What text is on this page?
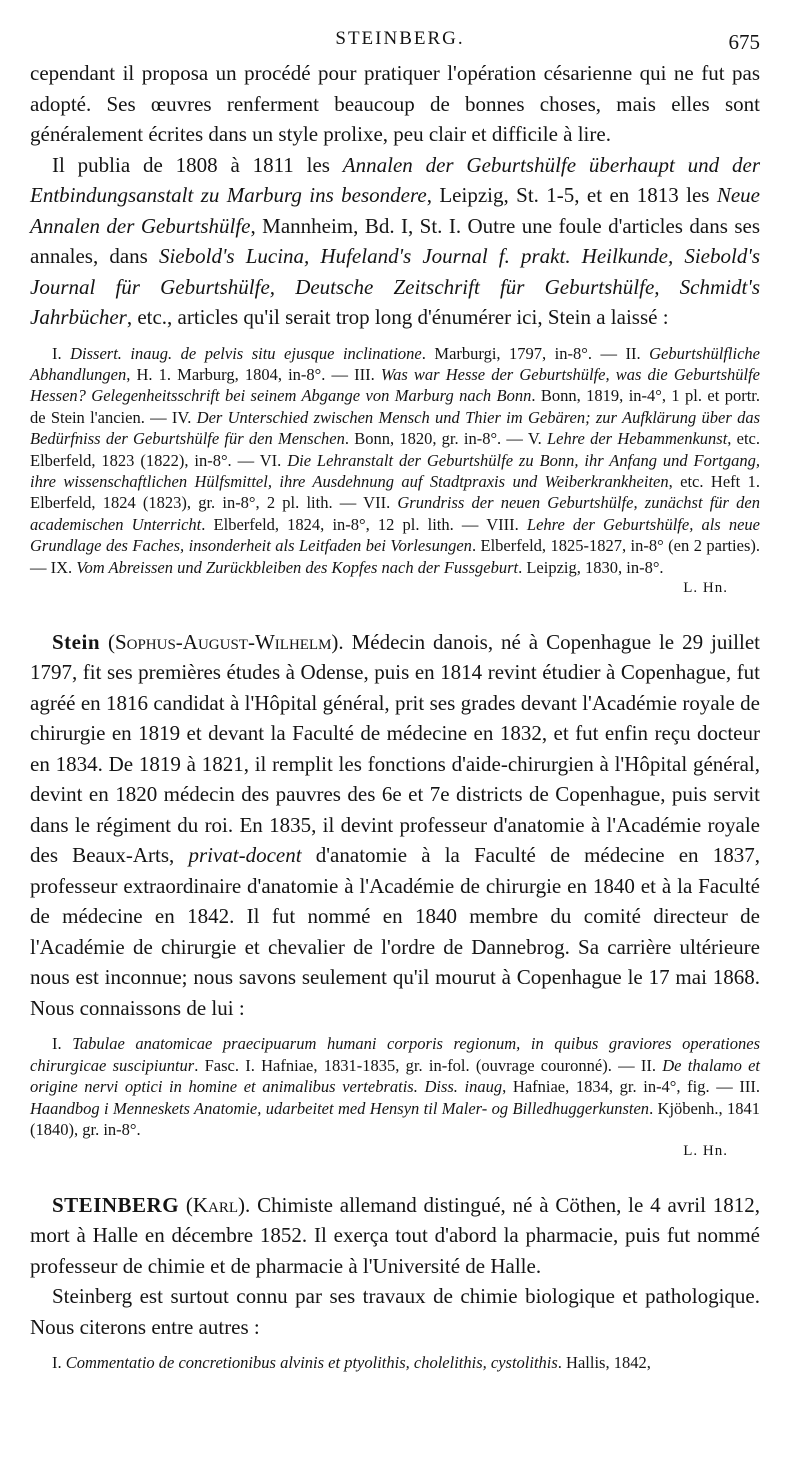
STEINBERG.	675

cependant il proposa un procédé pour pratiquer l'opération césarienne qui ne fut pas adopté. Ses œuvres renferment beaucoup de bonnes choses, mais elles sont généralement écrites dans un style prolixe, peu clair et difficile à lire.

Il publia de 1808 à 1811 les Annalen der Geburtshülfe überhaupt und der Entbindungsanstalt zu Marburg ins besondere, Leipzig, St. 1-5, et en 1813 les Neue Annalen der Geburtshülfe, Mannheim, Bd. I, St. I. Outre une foule d'articles dans ses annales, dans Siebold's Lucina, Hufeland's Journal f. prakt. Heilkunde, Siebold's Journal für Geburtshülfe, Deutsche Zeitschrift für Geburtshülfe, Schmidt's Jahrbücher, etc., articles qu'il serait trop long d'énumérer ici, Stein a laissé :

I. Dissert. inaug. de pelvis situ ejusque inclinatione. Marburgi, 1797, in-8°. — II. Geburtshülfliche Abhandlungen, H. 1. Marburg, 1804, in-8°. — III. Was war Hesse der Geburtshülfe, was die Geburtshülfe Hessen? Gelegenheitsschrift bei seinem Abgange von Marburg nach Bonn. Bonn, 1819, in-4°, 1 pl. et portr. de Stein l'ancien. — IV. Der Unterschied zwischen Mensch und Thier im Gebären; zur Aufklärung über das Bedürfniss der Geburtshülfe für den Menschen. Bonn, 1820, gr. in-8°. — V. Lehre der Hebammenkunst, etc. Elberfeld, 1823 (1822), in-8°. — VI. Die Lehranstalt der Geburtshülfe zu Bonn, ihr Anfang und Fortgang, ihre wissenschaftlichen Hülfsmittel, ihre Ausdehnung auf Stadtpraxis und Weiberkrankheiten, etc. Heft 1. Elberfeld, 1824 (1823), gr. in-8°, 2 pl. lith. — VII. Grundriss der neuen Geburtshülfe, zunächst für den academischen Unterricht. Elberfeld, 1824, in-8°, 12 pl. lith. — VIII. Lehre der Geburtshülfe, als neue Grundlage des Faches, insonderheit als Leitfaden bei Vorlesungen. Elberfeld, 1825-1827, in-8° (en 2 parties). — IX. Vom Abreissen und Zurückbleiben des Kopfes nach der Fussgeburt. Leipzig, 1830, in-8°.

L. Hn.

Stein (Sophus-August-Wilhelm). Médecin danois, né à Copenhague le 29 juillet 1797, fit ses premières études à Odense, puis en 1814 revint étudier à Copenhague, fut agréé en 1816 candidat à l'Hôpital général, prit ses grades devant l'Académie royale de chirurgie en 1819 et devant la Faculté de médecine en 1832, et fut enfin reçu docteur en 1834. De 1819 à 1821, il remplit les fonctions d'aide-chirurgien à l'Hôpital général, devint en 1820 médecin des pauvres des 6e et 7e districts de Copenhague, puis servit dans le régiment du roi. En 1835, il devint professeur d'anatomie à l'Académie royale des Beaux-Arts, privat-docent d'anatomie à la Faculté de médecine en 1837, professeur extraordinaire d'anatomie à l'Académie de chirurgie en 1840 et à la Faculté de médecine en 1842. Il fut nommé en 1840 membre du comité directeur de l'Académie de chirurgie et chevalier de l'ordre de Dannebrog. Sa carrière ultérieure nous est inconnue; nous savons seulement qu'il mourut à Copenhague le 17 mai 1868. Nous connaissons de lui :

I. Tabulae anatomicae praecipuarum humani corporis regionum, in quibus graviores operationes chirurgicae suscipiuntur. Fasc. I. Hafniae, 1831-1835, gr. in-fol. (ouvrage couronné). — II. De thalamo et origine nervi optici in homine et animalibus vertebratis. Diss. inaug, Hafniae, 1834, gr. in-4°, fig. — III. Haandbog i Menneskets Anatomie, udarbeitet med Hensyn til Maler- og Billedhuggerkunsten. Kjöbenh., 1841 (1840), gr. in-8°.

L. Hn.

STEINBERG (Karl). Chimiste allemand distingué, né à Cöthen, le 4 avril 1812, mort à Halle en décembre 1852. Il exerça tout d'abord la pharmacie, puis fut nommé professeur de chimie et de pharmacie à l'Université de Halle.

Steinberg est surtout connu par ses travaux de chimie biologique et pathologique. Nous citerons entre autres :

I. Commentatio de concretionibus alvinis et ptyolithis, cholelithis, cystolithis. Hallis, 1842,
